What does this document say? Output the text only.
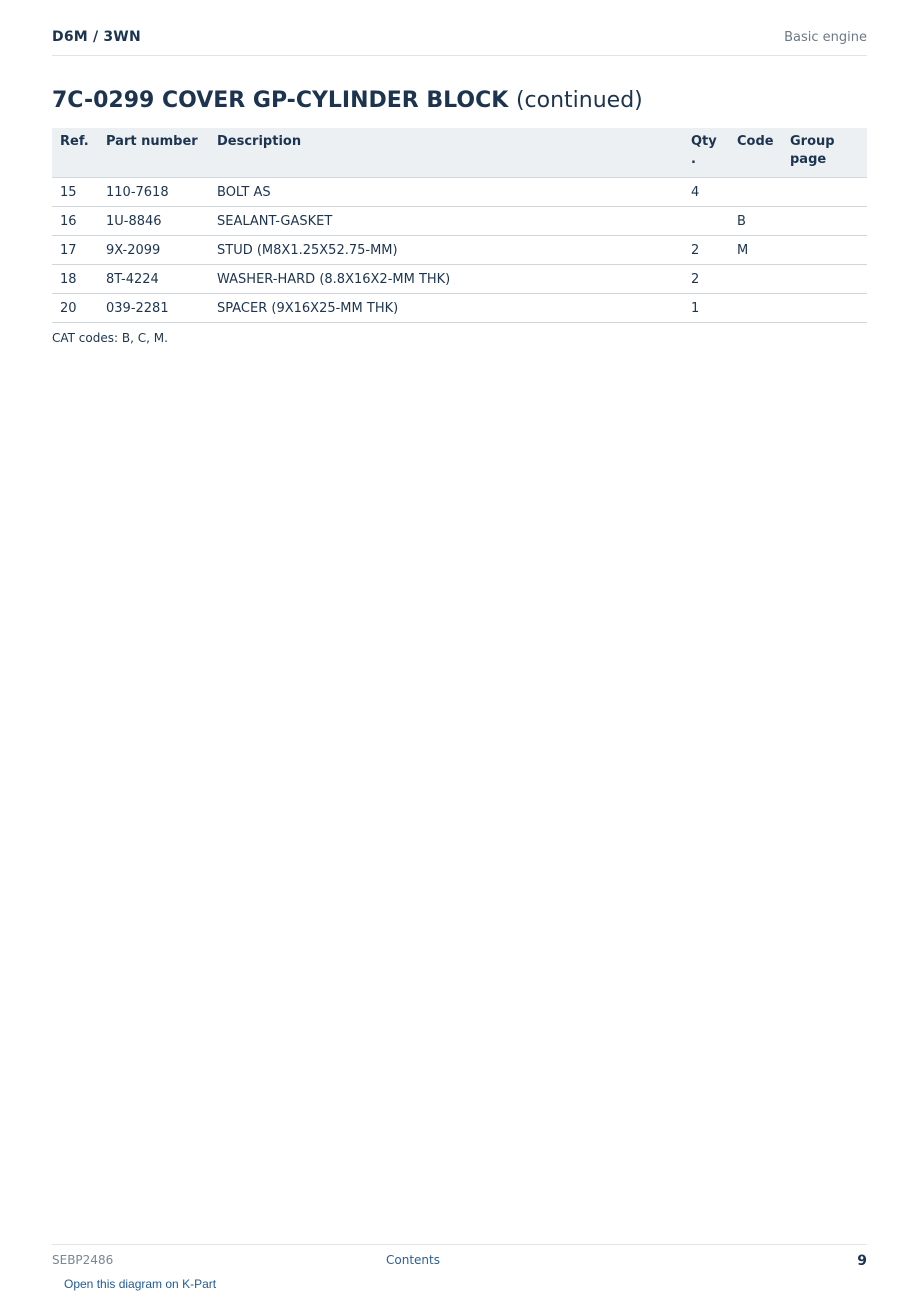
D6M / 3WN	Basic engine
7C-0299 COVER GP-CYLINDER BLOCK (continued)
Ref.	Part number	Description	Qty .	Code	Group page
15	110-7618	BOLT AS	4		
16	1U-8846	SEALANT-GASKET		B	
17	9X-2099	STUD (M8X1.25X52.75-MM)	2	M	
18	8T-4224	WASHER-HARD (8.8X16X2-MM THK)	2		
20	039-2281	SPACER (9X16X25-MM THK)	1		
CAT codes: B, C, M.
SEBP2486	Contents	9
Open this diagram on K-Part
